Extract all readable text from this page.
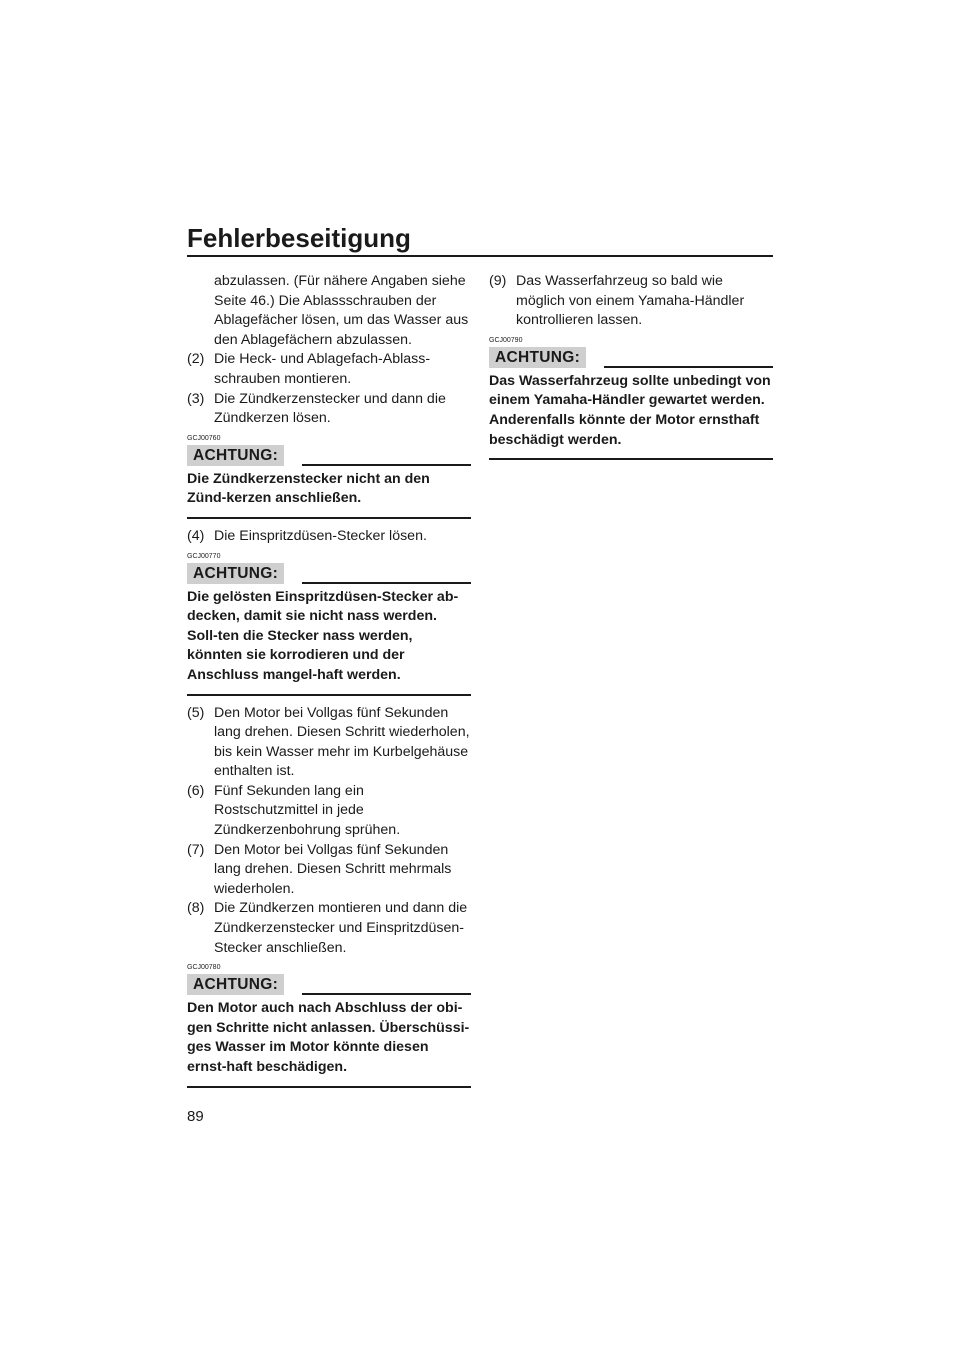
Fehlerbeseitigung

abzulassen. (Für nähere Angaben siehe Seite 46.) Die Ablassschrauben der Ablagefächer lösen, um das Wasser aus den Ablagefächern abzulassen.

(2) Die Heck- und Ablagefach-Ablass-schrauben montieren.
(3) Die Zündkerzenstecker und dann die Zündkerzen lösen.
GCJ00760
ACHTUNG:
Die Zündkerzenstecker nicht an den Zünd-kerzen anschließen.
(4) Die Einspritzdüsen-Stecker lösen.
GCJ00770
ACHTUNG:
Die gelösten Einspritzdüsen-Stecker ab-decken, damit sie nicht nass werden. Soll-ten die Stecker nass werden, könnten sie korrodieren und der Anschluss mangel-haft werden.
(5) Den Motor bei Vollgas fünf Sekunden lang drehen. Diesen Schritt wiederholen, bis kein Wasser mehr im Kurbelgehäuse enthalten ist.
(6) Fünf Sekunden lang ein Rostschutzmittel in jede Zündkerzenbohrung sprühen.
(7) Den Motor bei Vollgas fünf Sekunden lang drehen. Diesen Schritt mehrmals wiederholen.
(8) Die Zündkerzen montieren und dann die Zündkerzenstecker und Einspritzdüsen-Stecker anschließen.
GCJ00780
ACHTUNG:
Den Motor auch nach Abschluss der obi-gen Schritte nicht anlassen. Überschüssi-ges Wasser im Motor könnte diesen ernst-haft beschädigen.
(9) Das Wasserfahrzeug so bald wie möglich von einem Yamaha-Händler kontrollieren lassen.
GCJ00790
ACHTUNG:
Das Wasserfahrzeug sollte unbedingt von einem Yamaha-Händler gewartet werden. Anderenfalls könnte der Motor ernsthaft beschädigt werden.
89
